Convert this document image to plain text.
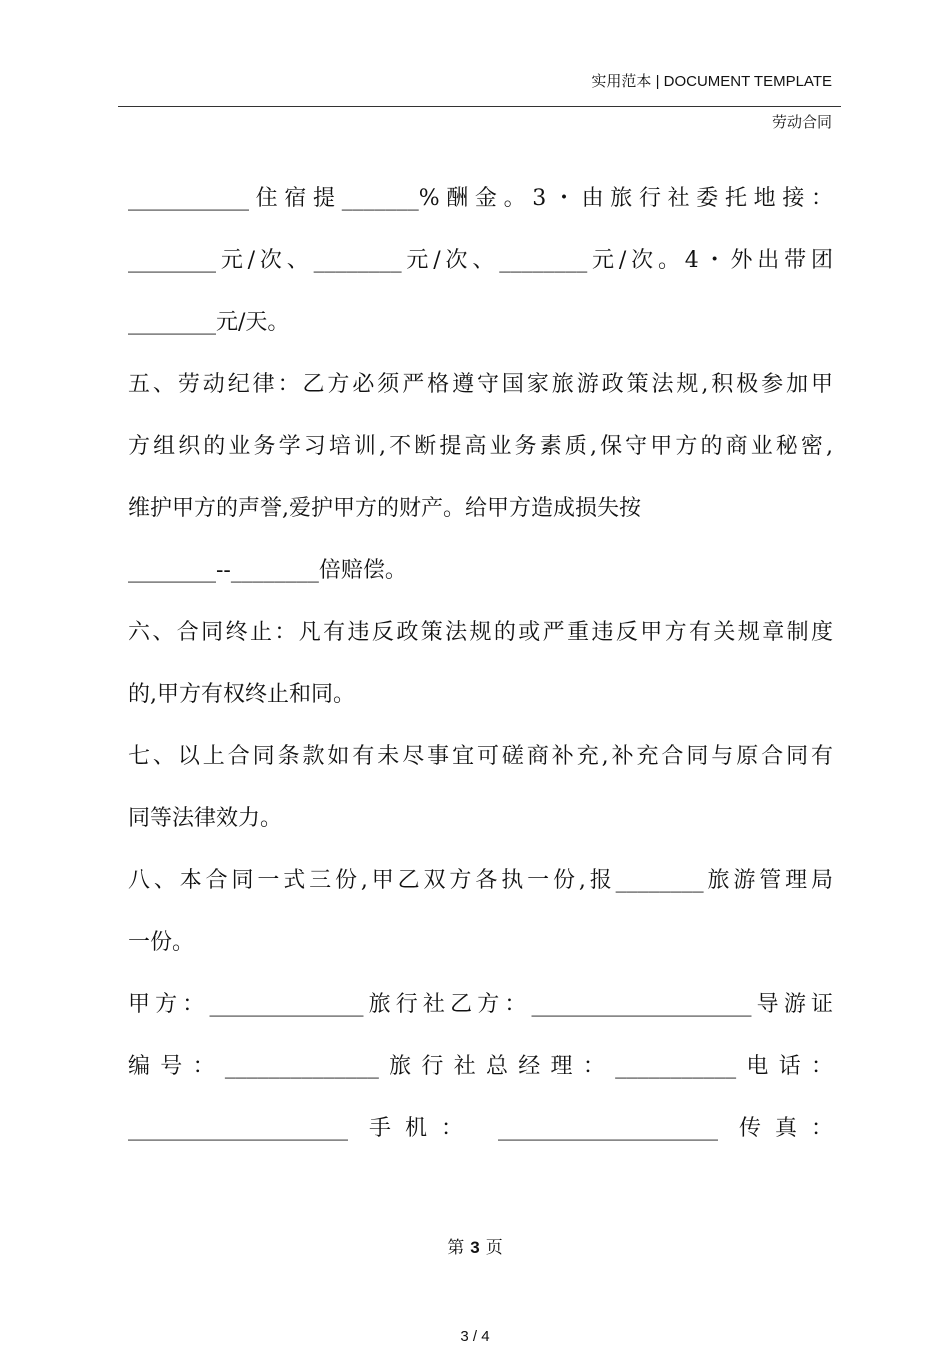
实用范本 | DOCUMENT TEMPLATE
劳动合同
___________住宿提_______%酬金。3・由旅行社委托地接：
________元/次、________元/次、________元/次。4・外出带团
________元/天。
五、劳动纪律：乙方必须严格遵守国家旅游政策法规,积极参加甲
方组织的业务学习培训,不断提高业务素质,保守甲方的商业秘密,
维护甲方的声誉,爱护甲方的财产。给甲方造成损失按
________--________倍赔偿。
六、合同终止：凡有违反政策法规的或严重违反甲方有关规章制度
的,甲方有权终止和同。
七、以上合同条款如有未尽事宜可磋商补充,补充合同与原合同有
同等法律效力。
八、本合同一式三份,甲乙双方各执一份,报________旅游管理局
一份。
甲方：______________旅行社乙方：____________________导游证
编号：______________旅行社总经理：___________电话：
____________________ 手机： ____________________ 传真：
第 3 页
3 / 4
